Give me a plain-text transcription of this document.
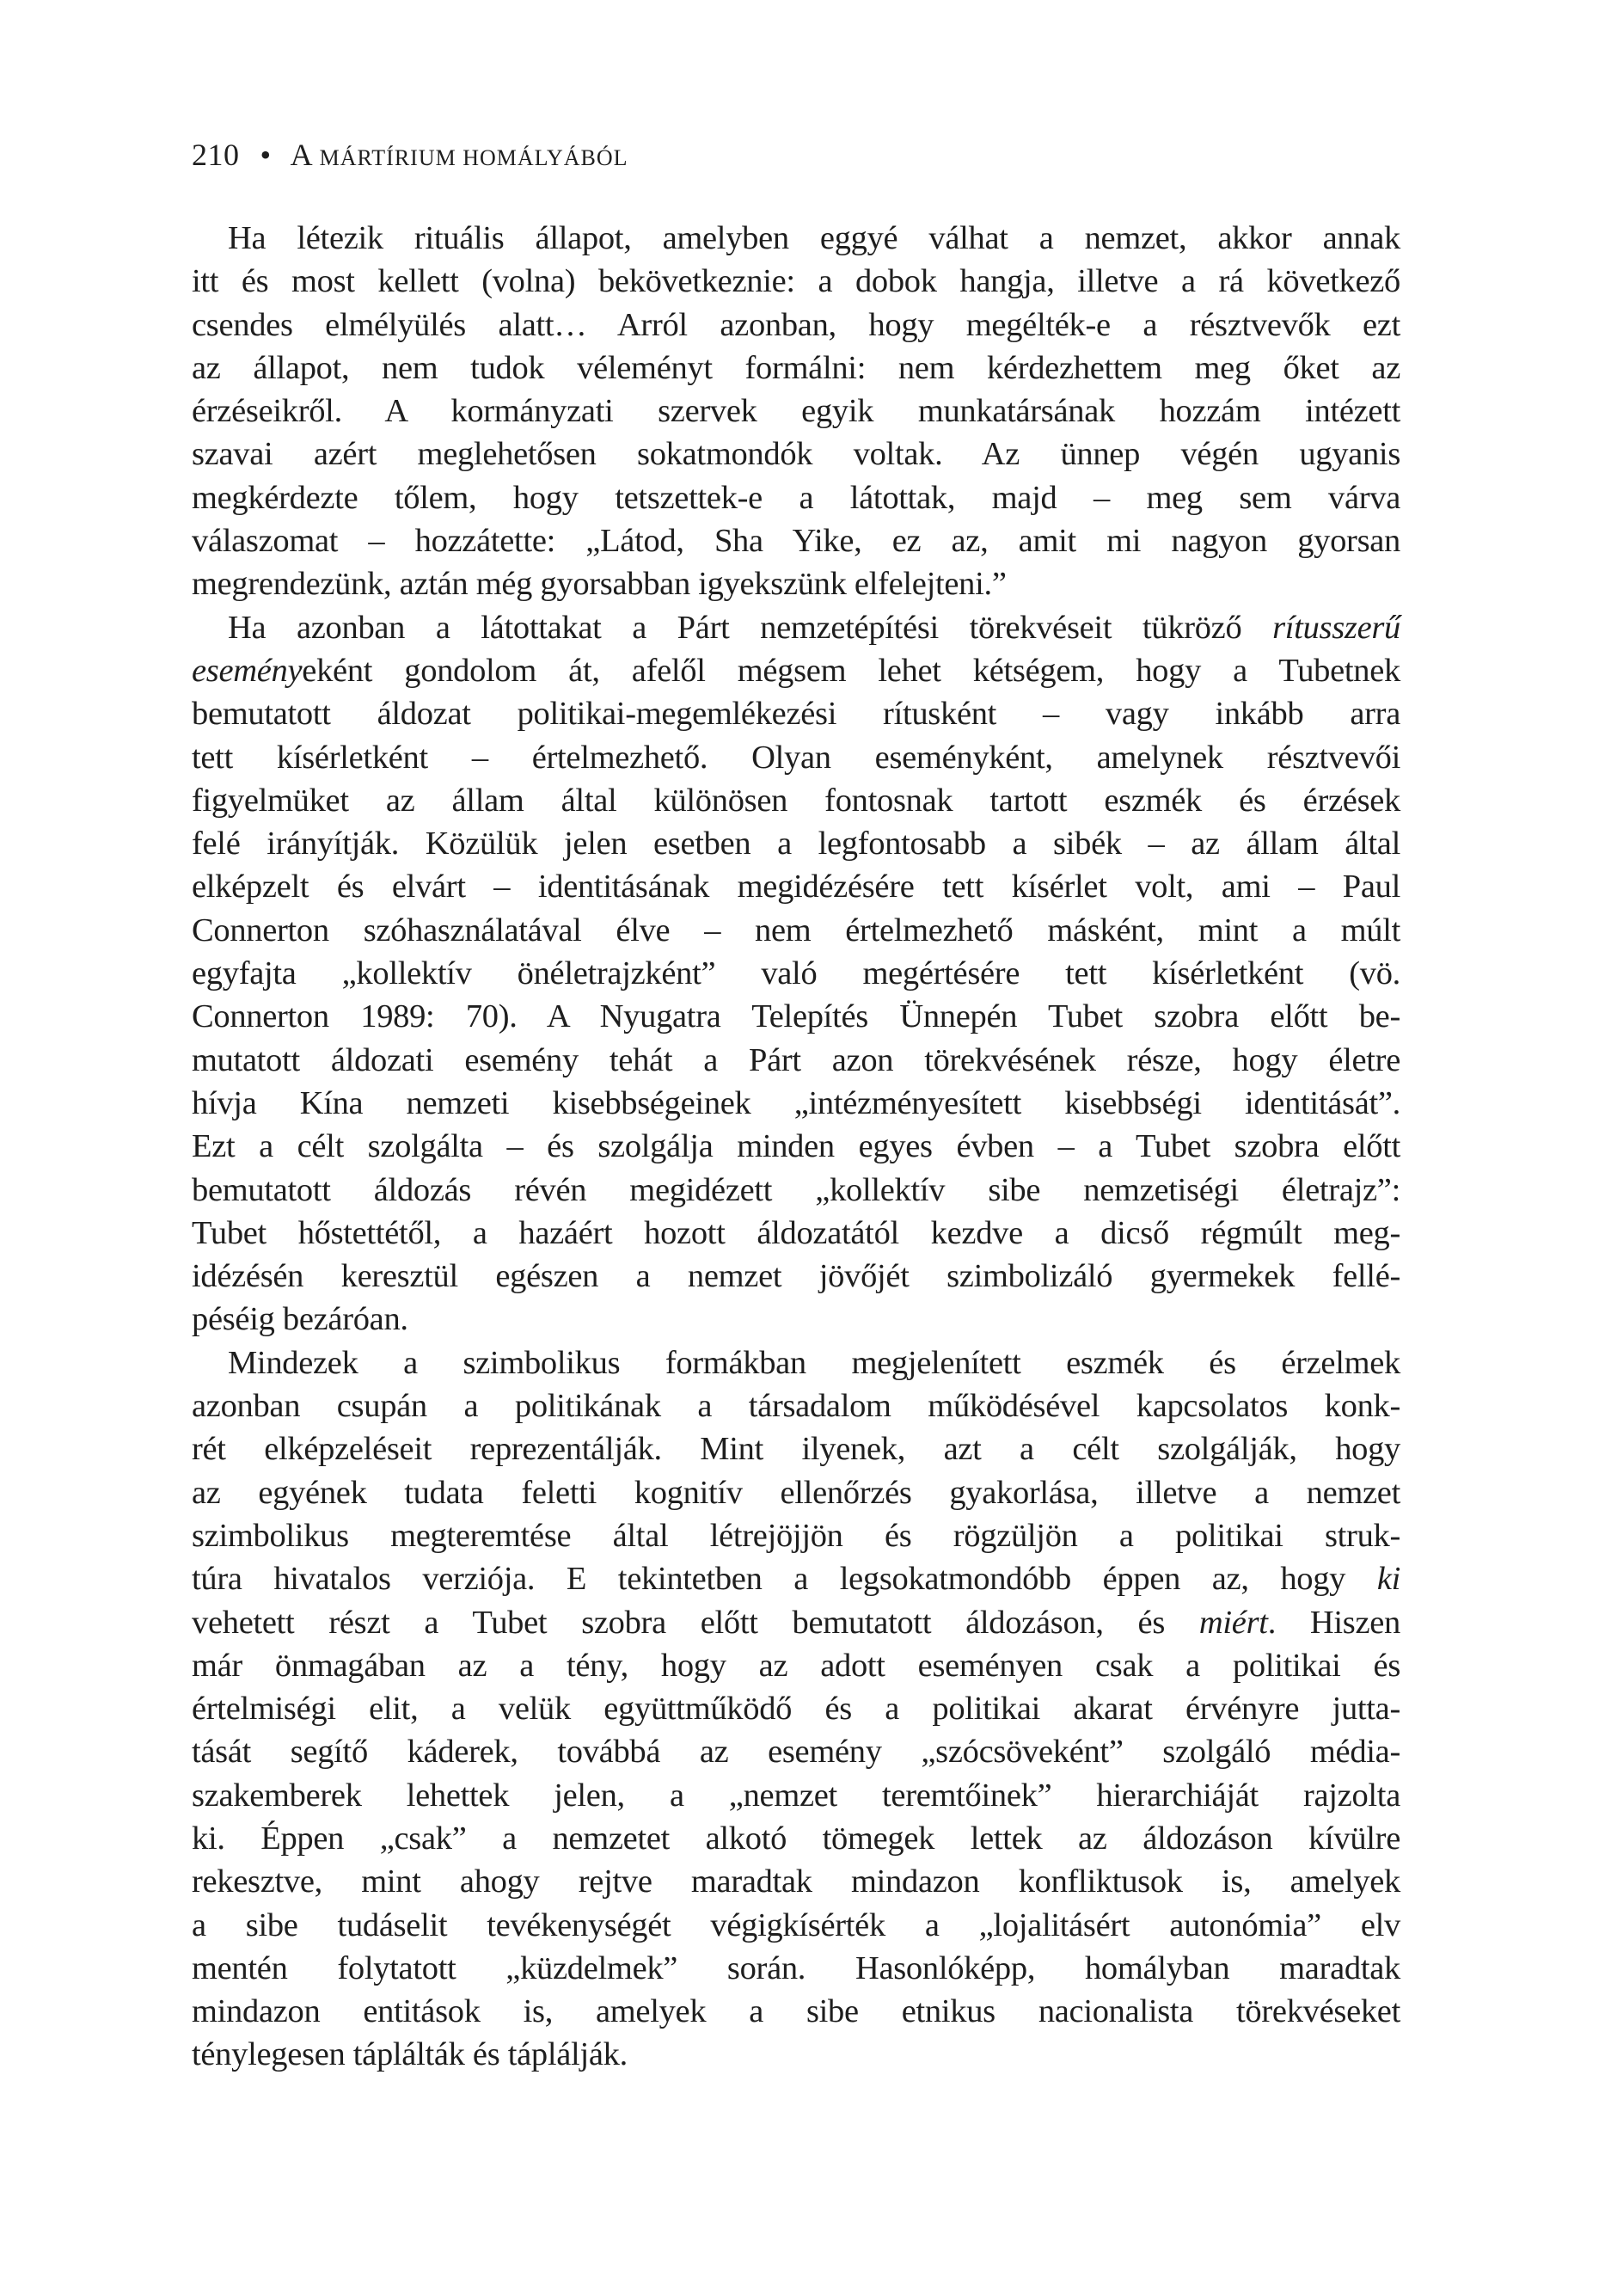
210 • A MÁRTÍRIUM HOMÁLYÁBÓL
Ha létezik rituális állapot, amelyben eggyé válhat a nemzet, akkor annak
itt és most kellett (volna) bekövetkeznie: a dobok hangja, illetve a rá következő
csendes elmélyülés alatt… Arról azonban, hogy megélték-e a résztvevők ezt
az állapot, nem tudok véleményt formálni: nem kérdezhettem meg őket az
érzéseikről. A kormányzati szervek egyik munkatársának hozzám intézett
szavai azért meglehetősen sokatmondók voltak. Az ünnep végén ugyanis
megkérdezte tőlem, hogy tetszettek-e a látottak, majd – meg sem várva
válaszomat – hozzátette: „Látod, Sha Yike, ez az, amit mi nagyon gyorsan
megrendezünk, aztán még gyorsabban igyekszünk elfelejteni.”
Ha azonban a látottakat a Párt nemzetépítési törekvéseit tükröző rítusszerű
eseményeként gondolom át, afelől mégsem lehet kétségem, hogy a Tubetnek
bemutatott áldozat politikai-megemlékezési rítusként – vagy inkább arra
tett kísérletként – értelmezhető. Olyan eseményként, amelynek résztvevői
figyelmüket az állam által különösen fontosnak tartott eszmék és érzések
felé irányítják. Közülük jelen esetben a legfontosabb a sibék – az állam által
elképzelt és elvárt – identitásának megidézésére tett kísérlet volt, ami – Paul
Connerton szóhasználatával élve – nem értelmezhető másként, mint a múlt
egyfajta „kollektív önéletrajzként” való megértésére tett kísérletként (vö.
Connerton 1989: 70). A Nyugatra Telepítés Ünnepén Tubet szobra előtt be-
mutatott áldozati esemény tehát a Párt azon törekvésének része, hogy életre
hívja Kína nemzeti kisebbségeinek „intézményesített kisebbségi identitását”.
Ezt a célt szolgálta – és szolgálja minden egyes évben – a Tubet szobra előtt
bemutatott áldozás révén megidézett „kollektív sibe nemzetiségi életrajz”:
Tubet hőstettétől, a hazáért hozott áldozatától kezdve a dicső régmúlt meg-
idézésén keresztül egészen a nemzet jövőjét szimbolizáló gyermekek fellé-
péséig bezáróan.
Mindezek a szimbolikus formákban megjelenített eszmék és érzelmek
azonban csupán a politikának a társadalom működésével kapcsolatos konk-
rét elképzeléseit reprezentálják. Mint ilyenek, azt a célt szolgálják, hogy
az egyének tudata feletti kognitív ellenőrzés gyakorlása, illetve a nemzet
szimbolikus megteremtése által létrejöjjön és rögzüljön a politikai struk-
túra hivatalos verziója. E tekintetben a legsokatmondóbb éppen az, hogy ki
vehetett részt a Tubet szobra előtt bemutatott áldozáson, és miért. Hiszen
már önmagában az a tény, hogy az adott eseményen csak a politikai és
értelmiségi elit, a velük együttműködő és a politikai akarat érvényre jutta-
tását segítő káderek, továbbá az esemény „szócsöveként” szolgáló média-
szakemberek lehettek jelen, a „nemzet teremtőinek” hierarchiáját rajzolta
ki. Éppen „csak” a nemzetet alkotó tömegek lettek az áldozáson kívülre
rekesztve, mint ahogy rejtve maradtak mindazon konfliktusok is, amelyek
a sibe tudáselit tevékenységét végigkísérték a „lojalitásért autonómia” elv
mentén folytatott „küzdelmek” során. Hasonlóképp, homályban maradtak
mindazon entitások is, amelyek a sibe etnikus nacionalista törekvéseket
ténylegesen táplálták és táplálják.
